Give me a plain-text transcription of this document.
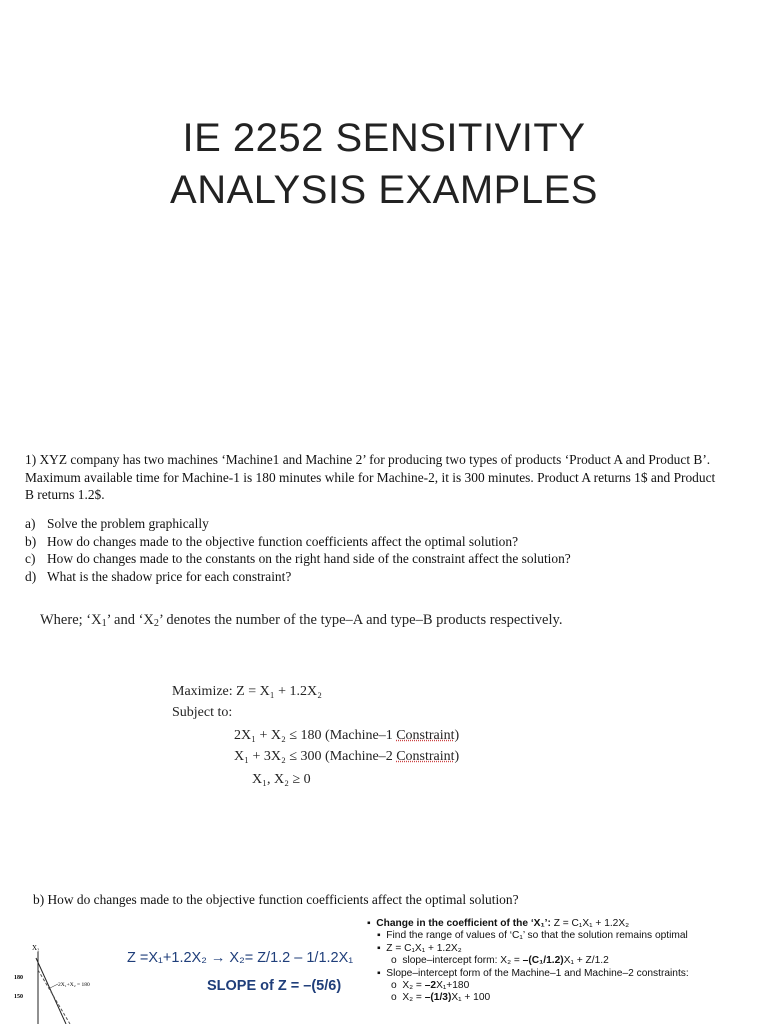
IE 2252 SENSITIVITY
ANALYSIS EXAMPLES
1) XYZ company has two machines ‘Machine1 and Machine 2’ for producing two types of products ‘Product A and Product B’. Maximum available time for Machine-1 is 180 minutes while for Machine-2, it is 300 minutes. Product A returns 1$ and Product B returns 1.2$.
a) Solve the problem graphically
b) How do changes made to the objective function coefficients affect the optimal solution?
c) How do changes made to the constants on the right hand side of the constraint affect the solution?
d) What is the shadow price for each constraint?
Where; ‘$X_1$’ and ‘$X_2$’ denotes the number of the type–A and type–B products respectively.
Maximize: Z = X₁ + 1.2X₂
Subject to:
2X₁ + X₂ ≤ 180 (Machine–1 Constraint)
X₁ + 3X₂ ≤ 300 (Machine–2 Constraint)
X₁, X₂ ≥ 0
b) How do changes made to the objective function coefficients affect the optimal solution?
X₂
180
150
2X₁+X₂ = 180
Z =X₁+1.2X₂ → X₂= Z/1.2 – 1/1.2X₁
SLOPE of Z = –(5/6)
▪ Change in the coefficient of the ‘X₁’: Z = C₁X₁ + 1.2X₂
▪ Find the range of values of ‘C₁’ so that the solution remains optimal
▪ Z = C₁X₁ + 1.2X₂
o slope–intercept form: X₂ = –(C₁/1.2)X₁ + Z/1.2
▪ Slope–intercept form of the Machine–1 and Machine–2 constraints:
o X₂ = –2X₁+180
o X₂ = –(1/3)X₁ + 100
